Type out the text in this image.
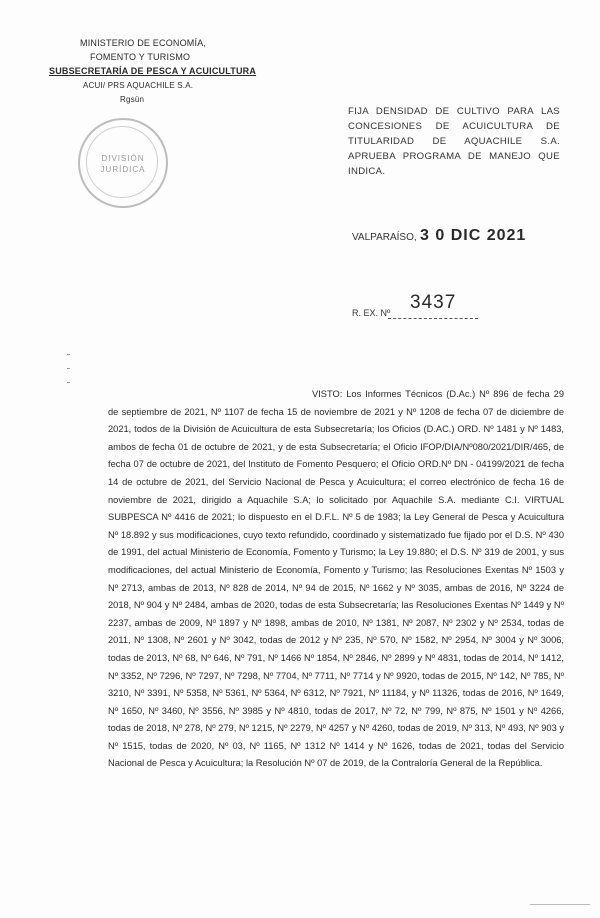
MINISTERIO DE ECONOMÍA,
FOMENTO Y TURISMO
SUBSECRETARÍA DE PESCA Y ACUICULTURA
ACUI/ PRS AQUACHILE S.A.
Rgsün
DIVISIÓN
JURÍDICA
FIJA DENSIDAD DE CULTIVO PARA LAS CONCESIONES DE ACUICULTURA DE TITULARIDAD DE AQUACHILE S.A. APRUEBA PROGRAMA DE MANEJO QUE INDICA.
VALPARAÍSO, 3 0 DIC 2021
R. EX. Nº 3437
VISTO: Los Informes Técnicos (D.Ac.) Nº 896 de fecha 29 de septiembre de 2021, Nº 1107 de fecha 15 de noviembre de 2021 y Nº 1208 de fecha 07 de diciembre de 2021, todos de la División de Acuicultura de esta Subsecretaría; los Oficios (D.AC.) ORD. Nº 1481 y Nº 1483, ambos de fecha 01 de octubre de 2021, y de esta Subsecretaría; el Oficio IFOP/DIA/Nº080/2021/DIR/465, de fecha 07 de octubre de 2021, del Instituto de Fomento Pesquero; el Oficio ORD.Nº DN - 04199/2021 de fecha 14 de octubre de 2021, del Servicio Nacional de Pesca y Acuicultura; el correo electrónico de fecha 16 de noviembre de 2021, dirigido a Aquachile S.A; lo solicitado por Aquachile S.A. mediante C.I. VIRTUAL SUBPESCA Nº 4416 de 2021; lo dispuesto en el D.F.L. Nº 5 de 1983; la Ley General de Pesca y Acuicultura Nº 18.892 y sus modificaciones, cuyo texto refundido, coordinado y sistematizado fue fijado por el D.S. Nº 430 de 1991, del actual Ministerio de Economía, Fomento y Turismo; la Ley 19.880; el D.S. Nº 319 de 2001, y sus modificaciones, del actual Ministerio de Economía, Fomento y Turismo; las Resoluciones Exentas Nº 1503 y Nº 2713, ambas de 2013, Nº 828 de 2014, Nº 94 de 2015, Nº 1662 y Nº 3035, ambas de 2016, Nº 3224 de 2018, Nº 904 y Nº 2484, ambas de 2020, todas de esta Subsecretaría; las Resoluciones Exentas Nº 1449 y Nº 2237, ambas de 2009, Nº 1897 y Nº 1898, ambas de 2010, Nº 1381, Nº 2087, Nº 2302 y Nº 2534, todas de 2011, Nº 1308, Nº 2601 y Nº 3042, todas de 2012 y Nº 235, Nº 570, Nº 1582, Nº 2954, Nº 3004 y Nº 3006, todas de 2013, Nº 68, Nº 646, Nº 791, Nº 1466 Nº 1854, Nº 2846, Nº 2899 y Nº 4831, todas de 2014, Nº 1412, Nº 3352, Nº 7296, Nº 7297, Nº 7298, Nº 7704, Nº 7711, Nº 7714 y Nº 9920, todas de 2015, Nº 142, Nº 785, Nº 3210, Nº 3391, Nº 5358, Nº 5361, Nº 5364, Nº 6312, Nº 7921, Nº 11184, y Nº 11326, todas de 2016, Nº 1649, Nº 1650, Nº 3460, Nº 3556, Nº 3985 y Nº 4810, todas de 2017, Nº 72, Nº 799, Nº 875, Nº 1501 y Nº 4266, todas de 2018, Nº 278, Nº 279, Nº 1215, Nº 2279, Nº 4257 y Nº 4260, todas de 2019, Nº 313, Nº 493, Nº 903 y Nº 1515, todas de 2020, Nº 03, Nº 1165, Nº 1312 Nº 1414 y Nº 1626, todas de 2021, todas del Servicio Nacional de Pesca y Acuicultura; la Resolución Nº 07 de 2019, de la Contraloría General de la República.
